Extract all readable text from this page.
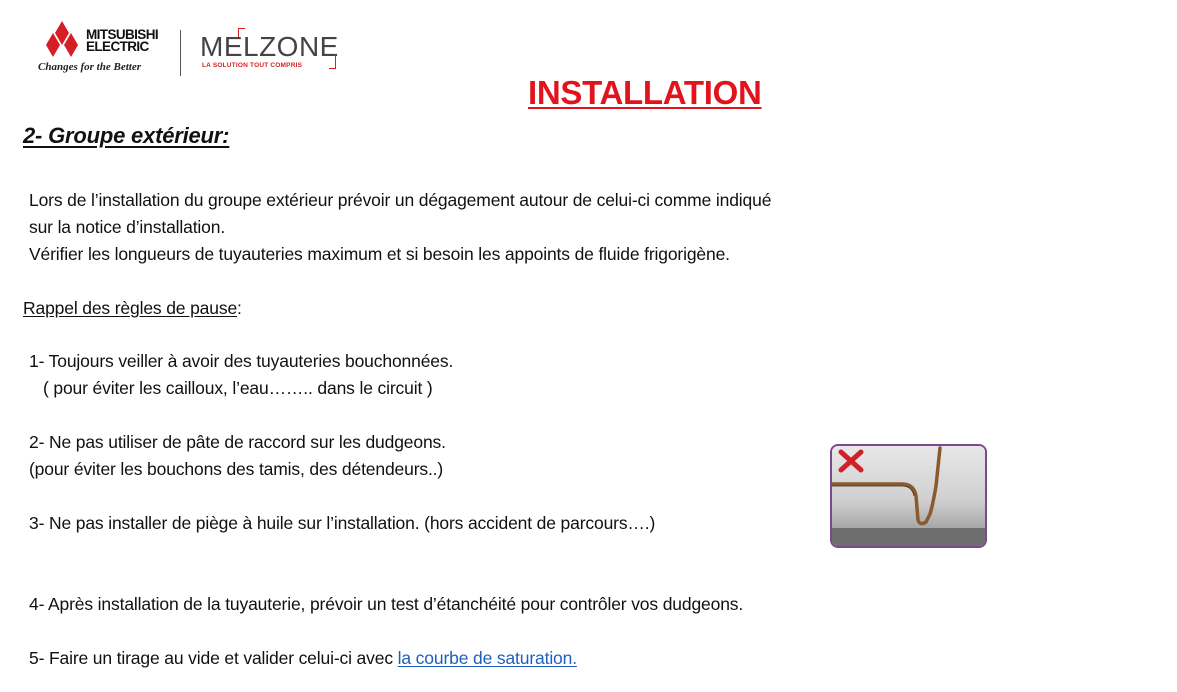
MITSUBISHI
ELECTRIC
Changes for the Better
MELZONE
LA SOLUTION TOUT COMPRIS
INSTALLATION
2- Groupe extérieur:
Lors de l’installation du groupe extérieur prévoir un dégagement autour de celui-ci comme indiqué
sur la notice d’installation.
Vérifier les longueurs de tuyauteries maximum et si besoin les appoints de fluide frigorigène.
Rappel des règles de pause:
1- Toujours veiller à avoir des tuyauteries bouchonnées.
( pour éviter les cailloux, l’eau…….. dans le circuit )
2- Ne pas utiliser de pâte de raccord sur les dudgeons.
(pour éviter les bouchons des tamis, des détendeurs..)
3- Ne pas installer de piège à huile sur l’installation. (hors accident de parcours….)
4- Après installation de la tuyauterie, prévoir un test d’étanchéité pour contrôler vos dudgeons.
5- Faire un tirage au vide et valider celui-ci avec la courbe de saturation.
